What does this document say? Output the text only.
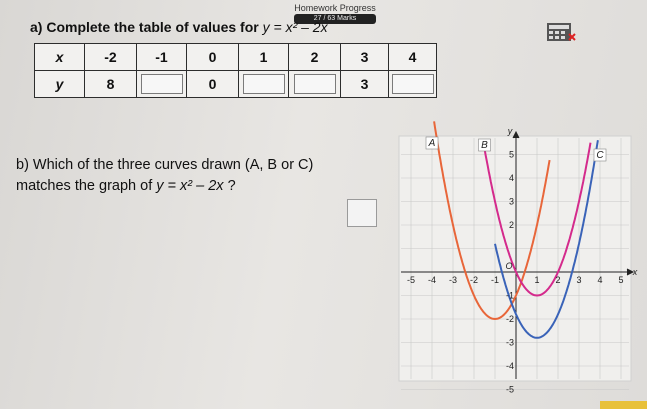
Homework Progress
27 / 63 Marks
a) Complete the table of values for y = x² – 2x
x	-2	-1	0	1	2	3	4
y	8		0			3	
b) Which of the three curves drawn (A, B or C)
matches the graph of y = x² – 2x ?
-5 -4 -3 -2 -1	1 2 3 4 5
5
4
3
2
-1
-2
-3
-4
-5
O
x
y
A	B
C
